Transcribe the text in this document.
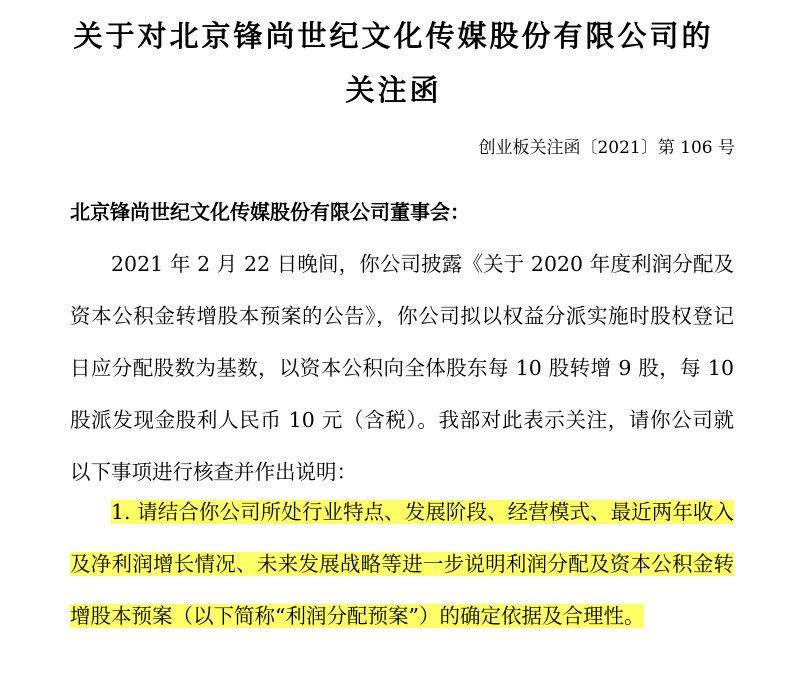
关于对北京锋尚世纪文化传媒股份有限公司的
关注函
创业板关注函〔2021〕第 106 号
北京锋尚世纪文化传媒股份有限公司董事会：
2021 年 2 月 22 日晚间，你公司披露《关于 2020 年度利润分配及资本公积金转增股本预案的公告》，你公司拟以权益分派实施时股权登记日应分配股数为基数，以资本公积向全体股东每 10 股转增 9 股，每 10 股派发现金股利人民币 10 元（含税）。我部对此表示关注，请你公司就以下事项进行核查并作出说明：
1. 请结合你公司所处行业特点、发展阶段、经营模式、最近两年收入及净利润增长情况、未来发展战略等进一步说明利润分配及资本公积金转增股本预案（以下简称“利润分配预案”）的确定依据及合理性。
